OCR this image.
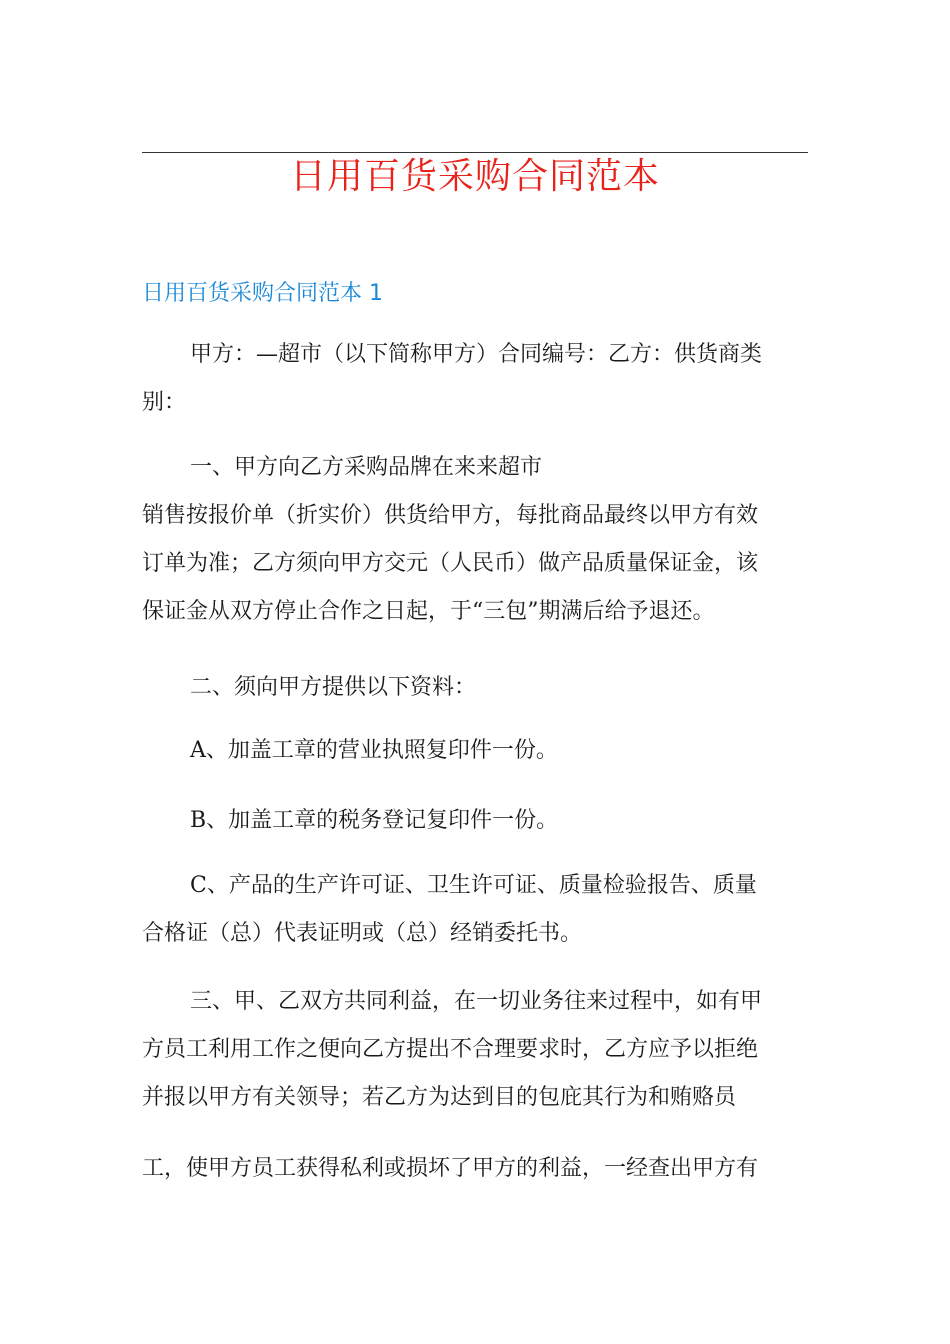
日用百货采购合同范本
日用百货采购合同范本 1

甲方：—超市（以下简称甲方）合同编号：乙方：供货商类
别：

一、甲方向乙方采购品牌在来来超市
销售按报价单（折实价）供货给甲方，每批商品最终以甲方有效
订单为准；乙方须向甲方交元（人民币）做产品质量保证金，该
保证金从双方停止合作之日起，于“三包”期满后给予退还。

二、须向甲方提供以下资料：

A、加盖工章的营业执照复印件一份。

B、加盖工章的税务登记复印件一份。

C、产品的生产许可证、卫生许可证、质量检验报告、质量
合格证（总）代表证明或（总）经销委托书。

三、甲、乙双方共同利益，在一切业务往来过程中，如有甲
方员工利用工作之便向乙方提出不合理要求时，乙方应予以拒绝
并报以甲方有关领导；若乙方为达到目的包庇其行为和贿赂员

工，使甲方员工获得私利或损坏了甲方的利益，一经查出甲方有
